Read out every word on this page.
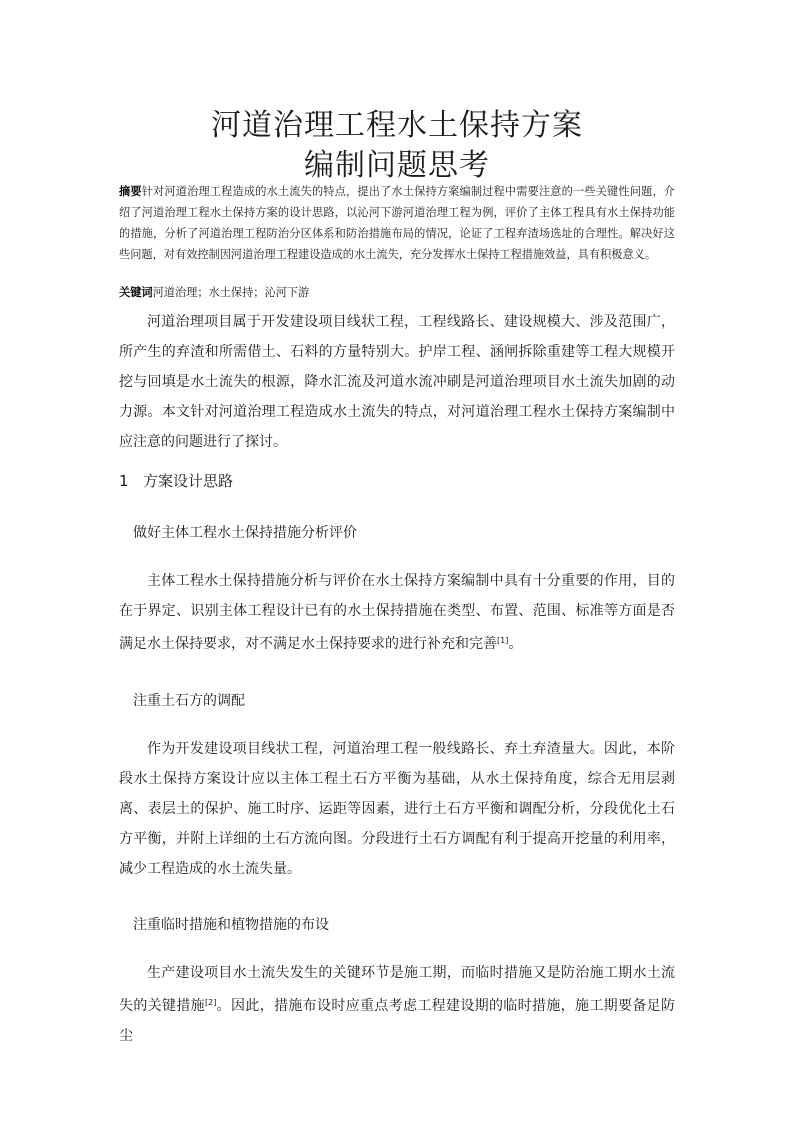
河道治理工程水土保持方案
编制问题思考
摘要针对河道治理工程造成的水土流失的特点，提出了水土保持方案编制过程中需要注意的一些关键性问题，介绍了河道治理工程水土保持方案的设计思路，以沁河下游河道治理工程为例，评价了主体工程具有水土保持功能的措施，分析了河道治理工程防治分区体系和防治措施布局的情况，论证了工程弃渣场选址的合理性。解决好这些问题，对有效控制因河道治理工程建设造成的水土流失，充分发挥水土保持工程措施效益，具有积极意义。
关键词河道治理；水土保持；沁河下游
河道治理项目属于开发建设项目线状工程，工程线路长、建设规模大、涉及范围广，所产生的弃渣和所需借土、石料的方量特别大。护岸工程、涵闸拆除重建等工程大规模开挖与回填是水土流失的根源，降水汇流及河道水流冲刷是河道治理项目水土流失加剧的动力源。本文针对河道治理工程造成水土流失的特点，对河道治理工程水土保持方案编制中应注意的问题进行了探讨。
1 方案设计思路
做好主体工程水土保持措施分析评价
主体工程水土保持措施分析与评价在水土保持方案编制中具有十分重要的作用，目的在于界定、识别主体工程设计已有的水土保持措施在类型、布置、范围、标准等方面是否满足水土保持要求，对不满足水土保持要求的进行补充和完善[1]。
注重土石方的调配
作为开发建设项目线状工程，河道治理工程一般线路长、弃土弃渣量大。因此，本阶段水土保持方案设计应以主体工程土石方平衡为基础，从水土保持角度，综合无用层剥离、表层土的保护、施工时序、运距等因素，进行土石方平衡和调配分析，分段优化土石方平衡，并附上详细的土石方流向图。分段进行土石方调配有利于提高开挖量的利用率，减少工程造成的水土流失量。
注重临时措施和植物措施的布设
生产建设项目水土流失发生的关键环节是施工期，而临时措施又是防治施工期水土流失的关键措施[2]。因此，措施布设时应重点考虑工程建设期的临时措施，施工期要备足防尘
